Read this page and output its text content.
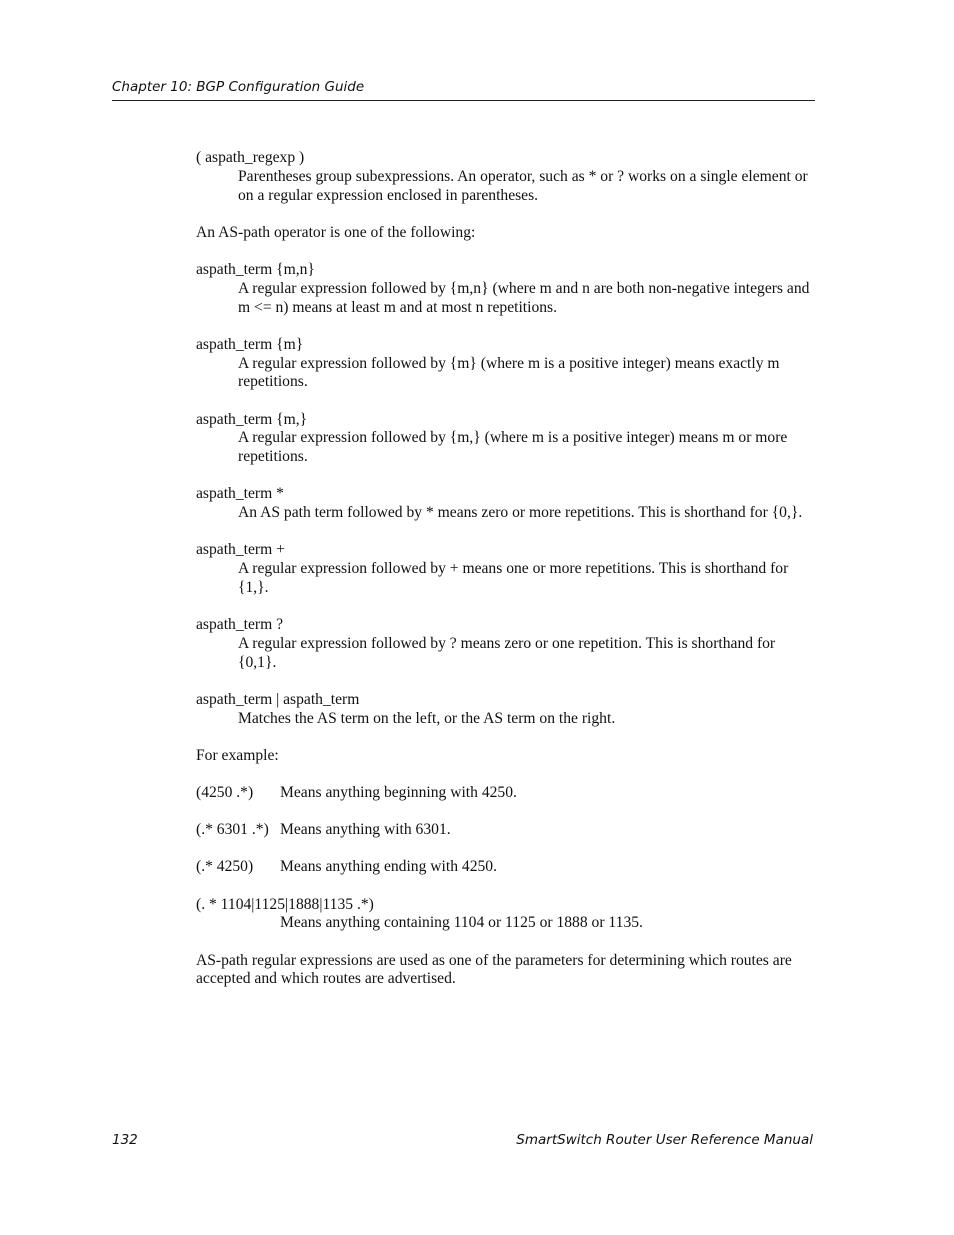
Chapter 10: BGP Configuration Guide

( aspath_regexp )

Parentheses group subexpressions. An operator, such as * or ? works on a single element or on a regular expression enclosed in parentheses.

An AS-path operator is one of the following:

aspath_term {m,n}

A regular expression followed by {m,n} (where m and n are both non-negative integers and m <= n) means at least m and at most n repetitions.

aspath_term {m}

A regular expression followed by {m} (where m is a positive integer) means exactly m repetitions.

aspath_term {m,}

A regular expression followed by {m,} (where m is a positive integer) means m or more repetitions.

aspath_term *

An AS path term followed by * means zero or more repetitions. This is shorthand for {0,}.

aspath_term +

A regular expression followed by + means one or more repetitions. This is shorthand for {1,}.

aspath_term ?

A regular expression followed by ? means zero or one repetition. This is shorthand for {0,1}.

aspath_term | aspath_term

Matches the AS term on the left, or the AS term on the right.

For example:

(4250 .*)	Means anything beginning with 4250.
(.* 6301 .*) Means anything with 6301.
(.* 4250)	Means anything ending with 4250.

(. * 1104|1125|1888|1135 .*)

Means anything containing 1104 or 1125 or 1888 or 1135.

AS-path regular expressions are used as one of the parameters for determining which routes are accepted and which routes are advertised.

132	SmartSwitch Router User Reference Manual
